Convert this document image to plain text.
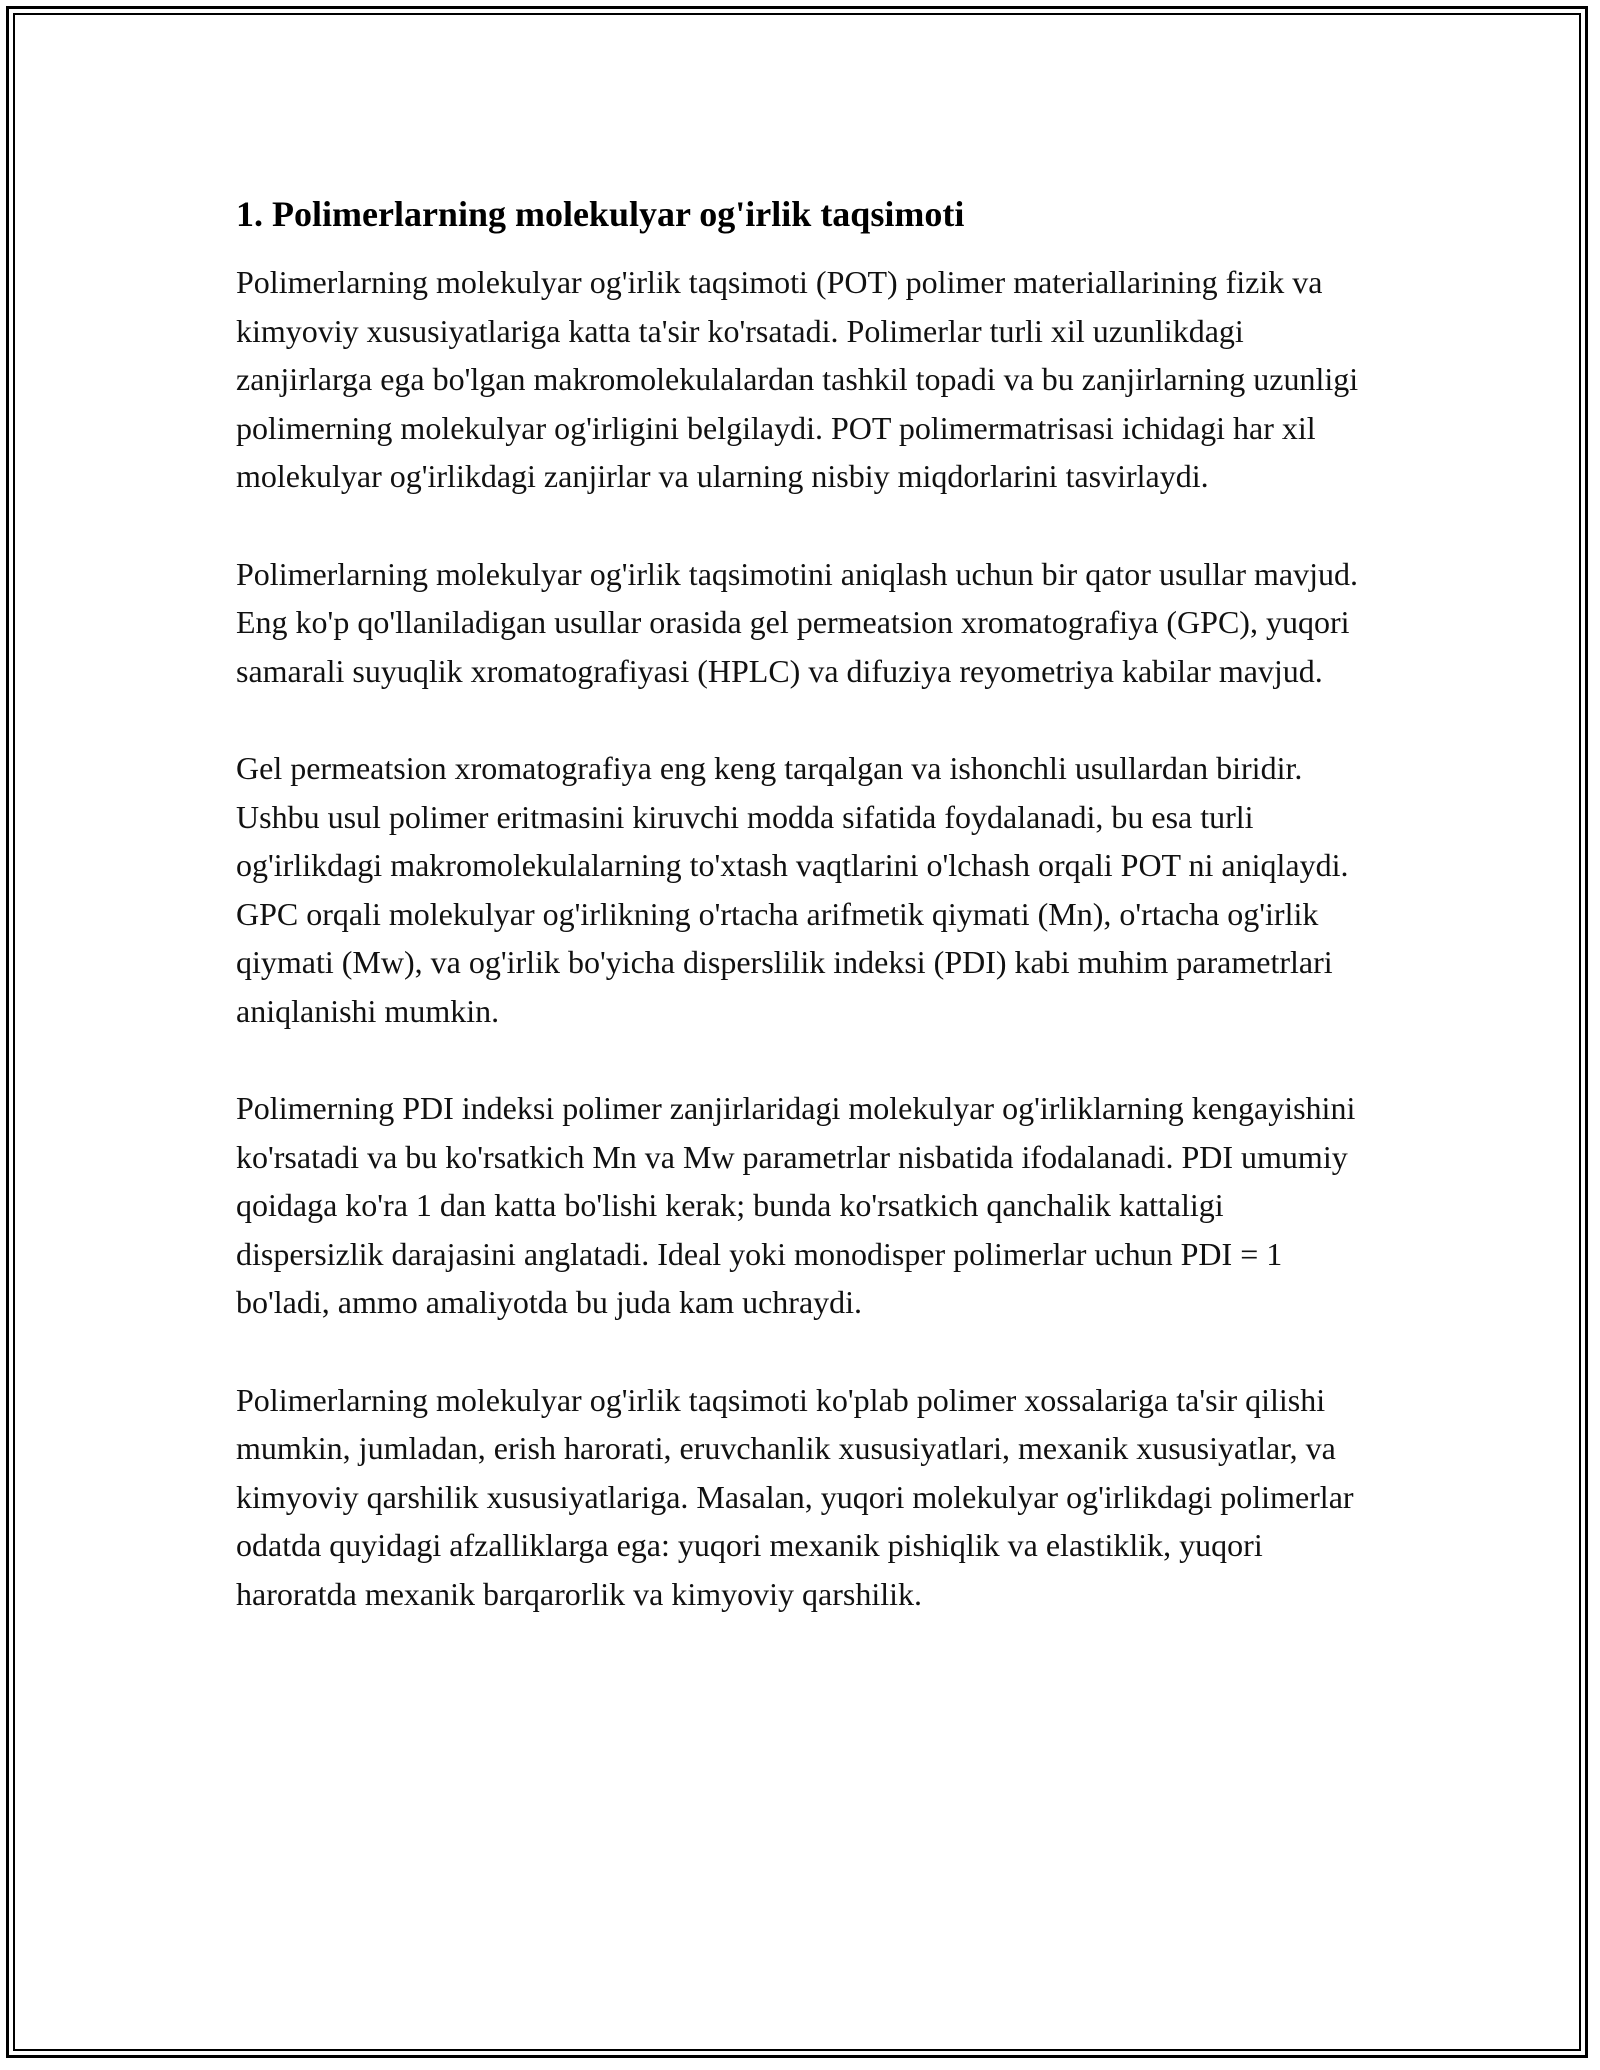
1. Polimerlarning molekulyar og'irlik taqsimoti

Polimerlarning molekulyar og'irlik taqsimoti (POT) polimer materiallarining fizik va kimyoviy xususiyatlariga katta ta'sir ko'rsatadi. Polimerlar turli xil uzunlikdagi zanjirlarga ega bo'lgan makromolekulalardan tashkil topadi va bu zanjirlarning uzunligi polimerning molekulyar og'irligini belgilaydi. POT polimermatrisasi ichidagi har xil molekulyar og'irlikdagi zanjirlar va ularning nisbiy miqdorlarini tasvirlaydi.

Polimerlarning molekulyar og'irlik taqsimotini aniqlash uchun bir qator usullar mavjud. Eng ko'p qo'llaniladigan usullar orasida gel permeatsion xromatografiya (GPC), yuqori samarali suyuqlik xromatografiyasi (HPLC) va difuziya reyometriya kabilar mavjud.

Gel permeatsion xromatografiya eng keng tarqalgan va ishonchli usullardan biridir. Ushbu usul polimer eritmasini kiruvchi modda sifatida foydalanadi, bu esa turli og'irlikdagi makromolekulalarning to'xtash vaqtlarini o'lchash orqali POT ni aniqlaydi. GPC orqali molekulyar og'irlikning o'rtacha arifmetik qiymati (Mn), o'rtacha og'irlik qiymati (Mw), va og'irlik bo'yicha disperslilik indeksi (PDI) kabi muhim parametrlari aniqlanishi mumkin.

Polimerning PDI indeksi polimer zanjirlaridagi molekulyar og'irliklarning kengayishini ko'rsatadi va bu ko'rsatkich Mn va Mw parametrlar nisbatida ifodalanadi. PDI umumiy qoidaga ko'ra 1 dan katta bo'lishi kerak; bunda ko'rsatkich qanchalik kattaligi dispersizlik darajasini anglatadi. Ideal yoki monodisper polimerlar uchun PDI = 1 bo'ladi, ammo amaliyotda bu juda kam uchraydi.

Polimerlarning molekulyar og'irlik taqsimoti ko'plab polimer xossalariga ta'sir qilishi mumkin, jumladan, erish harorati, eruvchanlik xususiyatlari, mexanik xususiyatlar, va kimyoviy qarshilik xususiyatlariga. Masalan, yuqori molekulyar og'irlikdagi polimerlar odatda quyidagi afzalliklarga ega: yuqori mexanik pishiqlik va elastiklik, yuqori haroratda mexanik barqarorlik va kimyoviy qarshilik.
